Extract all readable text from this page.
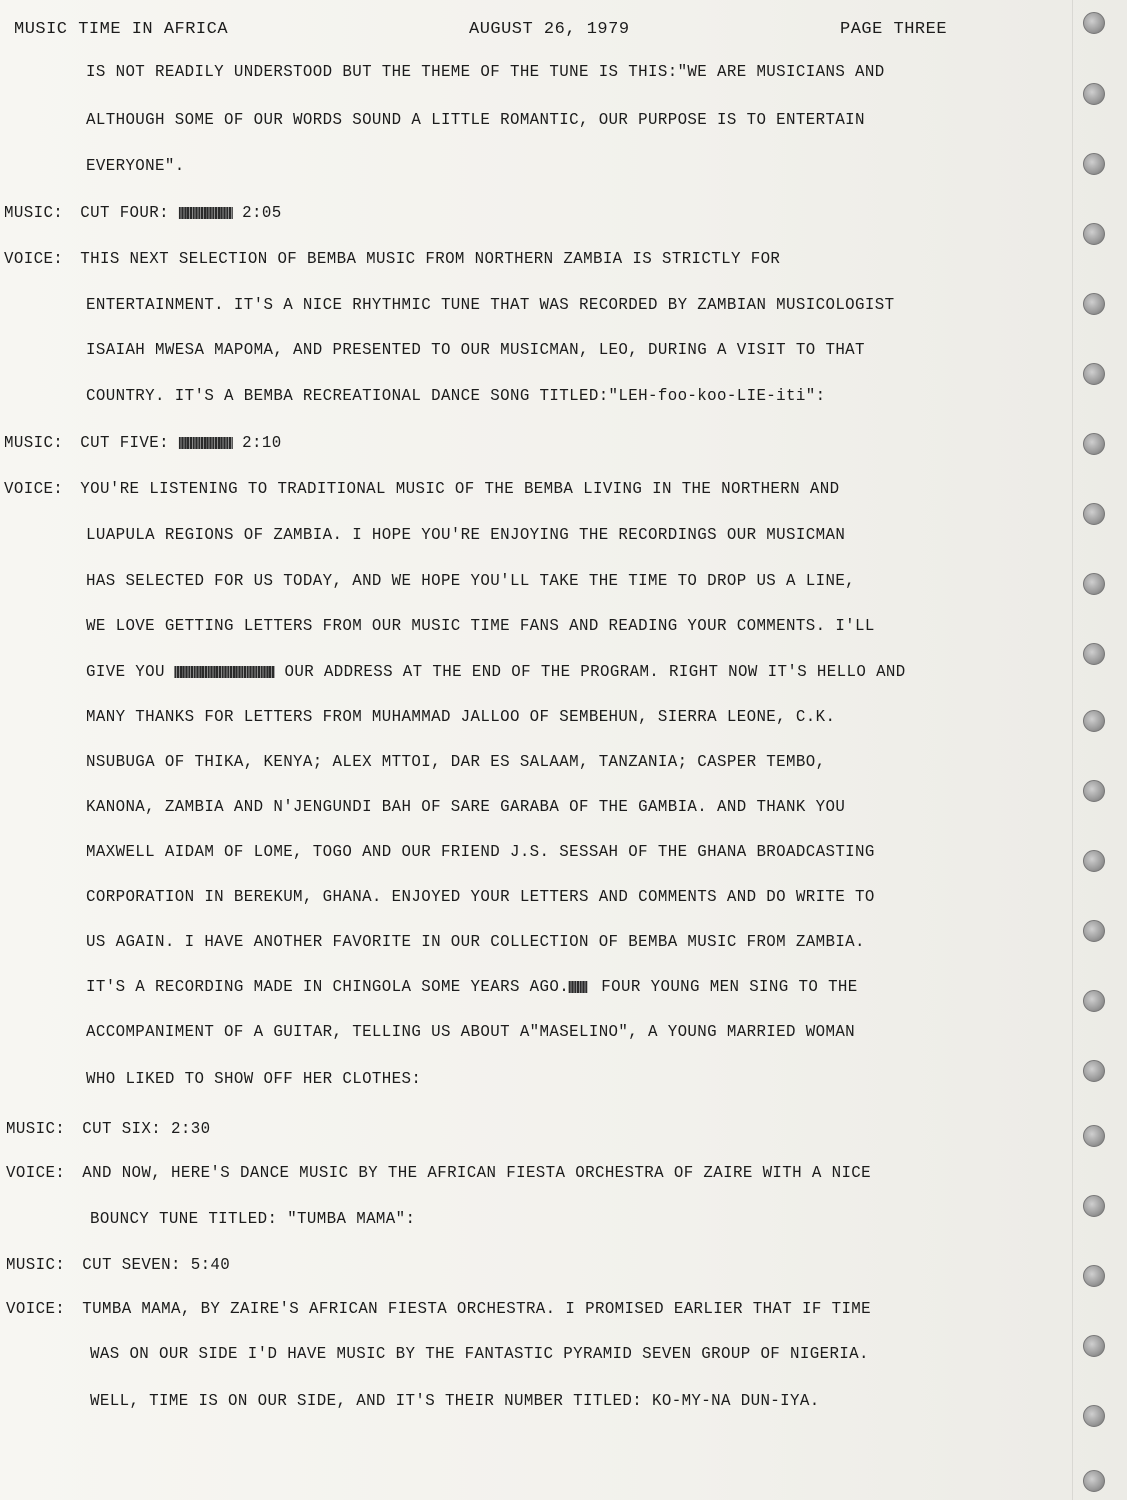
MUSIC TIME IN AFRICA	AUGUST 26, 1979	PAGE THREE
IS NOT READILY UNDERSTOOD BUT THE THEME OF THE TUNE IS THIS:"WE ARE MUSICIANS AND
ALTHOUGH SOME OF OUR WORDS SOUND A LITTLE ROMANTIC, OUR PURPOSE IS TO ENTERTAIN
EVERYONE".
MUSIC: CUT FOUR:	2:05
VOICE: THIS NEXT SELECTION OF BEMBA MUSIC FROM NORTHERN ZAMBIA IS STRICTLY FOR
ENTERTAINMENT. IT'S A NICE RHYTHMIC TUNE THAT WAS RECORDED BY ZAMBIAN MUSICOLOGIST
ISAIAH MWESA MAPOMA, AND PRESENTED TO OUR MUSICMAN, LEO, DURING A VISIT TO THAT
COUNTRY. IT'S A BEMBA RECREATIONAL DANCE SONG TITLED:"LEH-foo-koo-LIE-iti":
MUSIC: CUT FIVE:	2:10
VOICE: YOU'RE LISTENING TO TRADITIONAL MUSIC OF THE BEMBA LIVING IN THE NORTHERN AND
LUAPULA REGIONS OF ZAMBIA. I HOPE YOU'RE ENJOYING THE RECORDINGS OUR MUSICMAN
HAS SELECTED FOR US TODAY, AND WE HOPE YOU'LL TAKE THE TIME TO DROP US A LINE,
WE LOVE GETTING LETTERS FROM OUR MUSIC TIME FANS AND READING YOUR COMMENTS. I'LL
GIVE YOU	OUR ADDRESS AT THE END OF THE PROGRAM. RIGHT NOW IT'S HELLO AND
MANY THANKS FOR LETTERS FROM MUHAMMAD JALLOO OF SEMBEHUN, SIERRA LEONE, C.K.
NSUBUGA OF THIKA, KENYA; ALEX MTTOI, DAR ES SALAAM, TANZANIA; CASPER TEMBO,
KANONA, ZAMBIA AND N'JENGUNDI BAH OF SARE GARABA OF THE GAMBIA. AND THANK YOU
MAXWELL AIDAM OF LOME, TOGO AND OUR FRIEND J.S. SESSAH OF THE GHANA BROADCASTING
CORPORATION IN BEREKUM, GHANA. ENJOYED YOUR LETTERS AND COMMENTS AND DO WRITE TO
US AGAIN. I HAVE ANOTHER FAVORITE IN OUR COLLECTION OF BEMBA MUSIC FROM ZAMBIA.
IT'S A RECORDING MADE IN CHINGOLA SOME YEARS AGO. FOUR YOUNG MEN SING TO THE
ACCOMPANIMENT OF A GUITAR, TELLING US ABOUT A"MASELINO", A YOUNG MARRIED WOMAN
WHO LIKED TO SHOW OFF HER CLOTHES:
MUSIC: CUT SIX: 2:30
VOICE: AND NOW, HERE'S DANCE MUSIC BY THE AFRICAN FIESTA ORCHESTRA OF ZAIRE WITH A NICE
BOUNCY TUNE TITLED: "TUMBA MAMA":
MUSIC: CUT SEVEN: 5:40
VOICE: TUMBA MAMA, BY ZAIRE'S AFRICAN FIESTA ORCHESTRA. I PROMISED EARLIER THAT IF TIME
WAS ON OUR SIDE I'D HAVE MUSIC BY THE FANTASTIC PYRAMID SEVEN GROUP OF NIGERIA.
WELL, TIME IS ON OUR SIDE, AND IT'S THEIR NUMBER TITLED: KO-MY-NA DUN-IYA.
